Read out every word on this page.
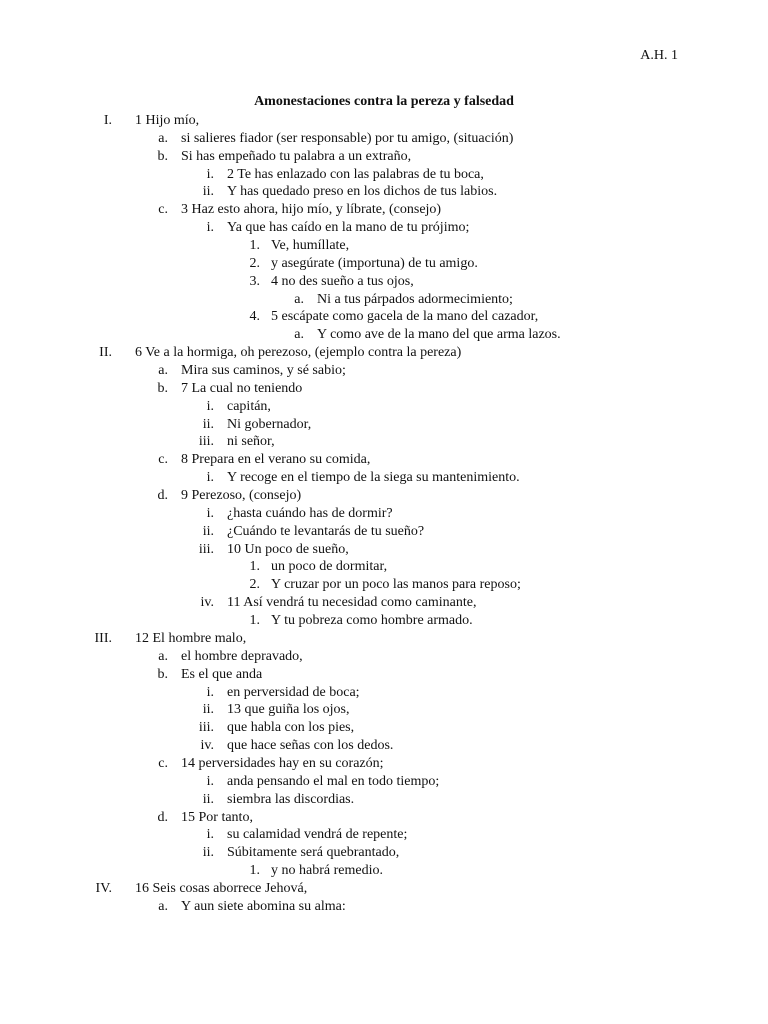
A.H. 1
Amonestaciones contra la pereza y falsedad
I. 1 Hijo mío,
a. si salieres fiador (ser responsable) por tu amigo, (situación)
b. Si has empeñado tu palabra a un extraño,
i. 2 Te has enlazado con las palabras de tu boca,
ii. Y has quedado preso en los dichos de tus labios.
c. 3 Haz esto ahora, hijo mío, y líbrate, (consejo)
i. Ya que has caído en la mano de tu prójimo;
1. Ve, humíllate,
2. y asegúrate (importuna) de tu amigo.
3. 4 no des sueño a tus ojos,
a. Ni a tus párpados adormecimiento;
4. 5 escápate como gacela de la mano del cazador,
a. Y como ave de la mano del que arma lazos.
II. 6 Ve a la hormiga, oh perezoso, (ejemplo contra la pereza)
a. Mira sus caminos, y sé sabio;
b. 7 La cual no teniendo
i. capitán,
ii. Ni gobernador,
iii. ni señor,
c. 8 Prepara en el verano su comida,
i. Y recoge en el tiempo de la siega su mantenimiento.
d. 9 Perezoso, (consejo)
i. ¿hasta cuándo has de dormir?
ii. ¿Cuándo te levantarás de tu sueño?
iii. 10 Un poco de sueño,
1. un poco de dormitar,
2. Y cruzar por un poco las manos para reposo;
iv. 11 Así vendrá tu necesidad como caminante,
1. Y tu pobreza como hombre armado.
III. 12 El hombre malo,
a. el hombre depravado,
b. Es el que anda
i. en perversidad de boca;
ii. 13 que guiña los ojos,
iii. que habla con los pies,
iv. que hace señas con los dedos.
c. 14 perversidades hay en su corazón;
i. anda pensando el mal en todo tiempo;
ii. siembra las discordias.
d. 15 Por tanto,
i. su calamidad vendrá de repente;
ii. Súbitamente será quebrantado,
1. y no habrá remedio.
IV. 16 Seis cosas aborrece Jehová,
a. Y aun siete abomina su alma:
